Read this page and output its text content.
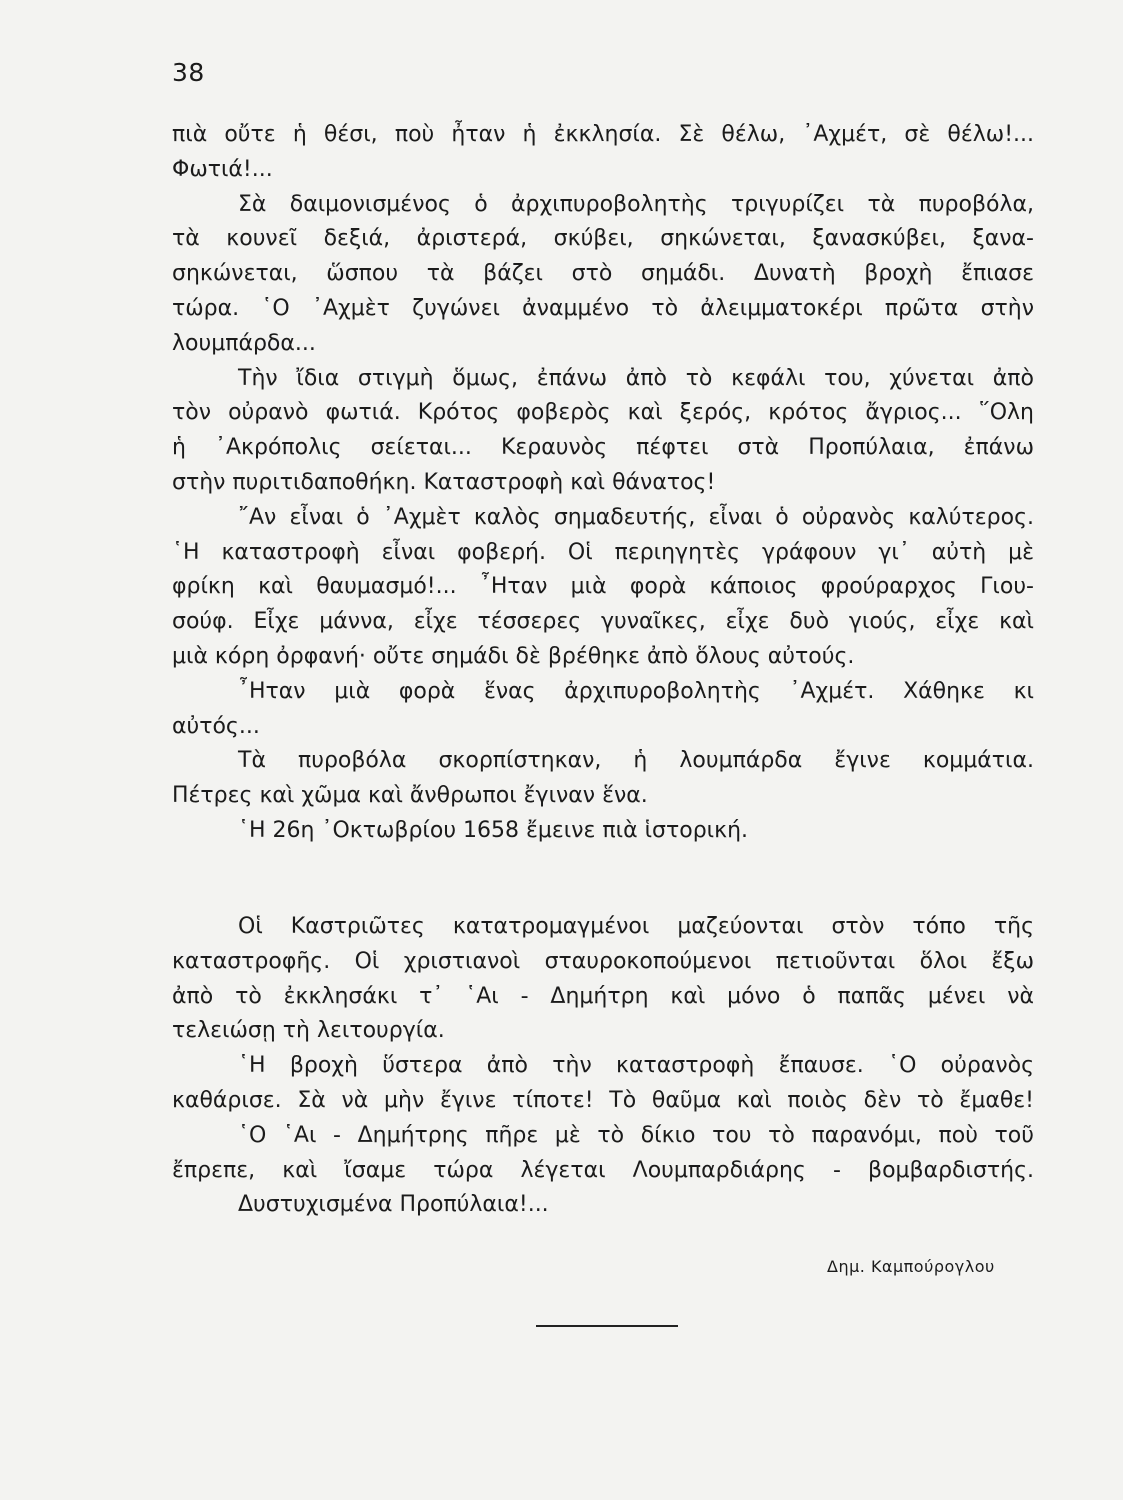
38
πιὰ οὔτε ἡ θέσι, ποὺ ἦταν ἡ ἐκκλησία. Σὲ θέλω, ᾿Αχμέτ, σὲ θέλω!...
Φωτιά!...
Σὰ δαιμονισμένος ὁ ἀρχιπυροβολητὴς τριγυρίζει τὰ πυροβόλα,
τὰ κουνεῖ δεξιά, ἀριστερά, σκύβει, σηκώνεται, ξανασκύβει, ξανα-
σηκώνεται, ὥσπου τὰ βάζει στὸ σημάδι. Δυνατὴ βροχὴ ἔπιασε
τώρα. ῾Ο ᾿Αχμὲτ ζυγώνει ἀναμμένο τὸ ἀλειμματοκέρι πρῶτα στὴν
λουμπάρδα...
Τὴν ἴδια στιγμὴ ὅμως, ἐπάνω ἀπὸ τὸ κεφάλι του, χύνεται ἀπὸ
τὸν οὐρανὸ φωτιά. Κρότος φοβερὸς καὶ ξερός, κρότος ἄγριος... ῞Ολη
ἡ ᾿Ακρόπολις σείεται... Κεραυνὸς πέφτει στὰ Προπύλαια, ἐπάνω
στὴν πυριτιδαποθήκη. Καταστροφὴ καὶ θάνατος!
῎Αν εἶναι ὁ ᾿Αχμὲτ καλὸς σημαδευτής, εἶναι ὁ οὐρανὸς καλύτερος.
῾Η καταστροφὴ εἶναι φοβερή. Οἱ περιηγητὲς γράφουν γι᾿ αὐτὴ μὲ
φρίκη καὶ θαυμασμό!... ῏Ηταν μιὰ φορὰ κάποιος φρούραρχος Γιου-
σούφ. Εἶχε μάννα, εἶχε τέσσερες γυναῖκες, εἶχε δυὸ γιούς, εἶχε καὶ
μιὰ κόρη ὀρφανή· οὔτε σημάδι δὲ βρέθηκε ἀπὸ ὅλους αὐτούς.
῏Ηταν μιὰ φορὰ ἕνας ἀρχιπυροβολητὴς ᾿Αχμέτ. Χάθηκε κι
αὐτός...
Τὰ πυροβόλα σκορπίστηκαν, ἡ λουμπάρδα ἔγινε κομμάτια.
Πέτρες καὶ χῶμα καὶ ἄνθρωποι ἔγιναν ἕνα.
῾Η 26η ᾿Οκτωβρίου 1658 ἔμεινε πιὰ ἱστορική.
Οἱ Καστριῶτες κατατρομαγμένοι μαζεύονται στὸν τόπο τῆς
καταστροφῆς. Οἱ χριστιανοὶ σταυροκοπούμενοι πετιοῦνται ὅλοι ἔξω
ἀπὸ τὸ ἐκκλησάκι τ᾿ ῾Αι - Δημήτρη καὶ μόνο ὁ παπᾶς μένει νὰ
τελειώσῃ τὴ λειτουργία.
῾Η βροχὴ ὕστερα ἀπὸ τὴν καταστροφὴ ἔπαυσε. ῾Ο οὐρανὸς
καθάρισε. Σὰ νὰ μὴν ἔγινε τίποτε! Τὸ θαῦμα καὶ ποιὸς δὲν τὸ ἔμαθε!
῾Ο ῾Αι - Δημήτρης πῆρε μὲ τὸ δίκιο του τὸ παρανόμι, ποὺ τοῦ
ἔπρεπε, καὶ ἴσαμε τώρα λέγεται Λουμπαρδιάρης - βομβαρδιστής.
Δυστυχισμένα Προπύλαια!...
Δημ. Καμπούρογλου
